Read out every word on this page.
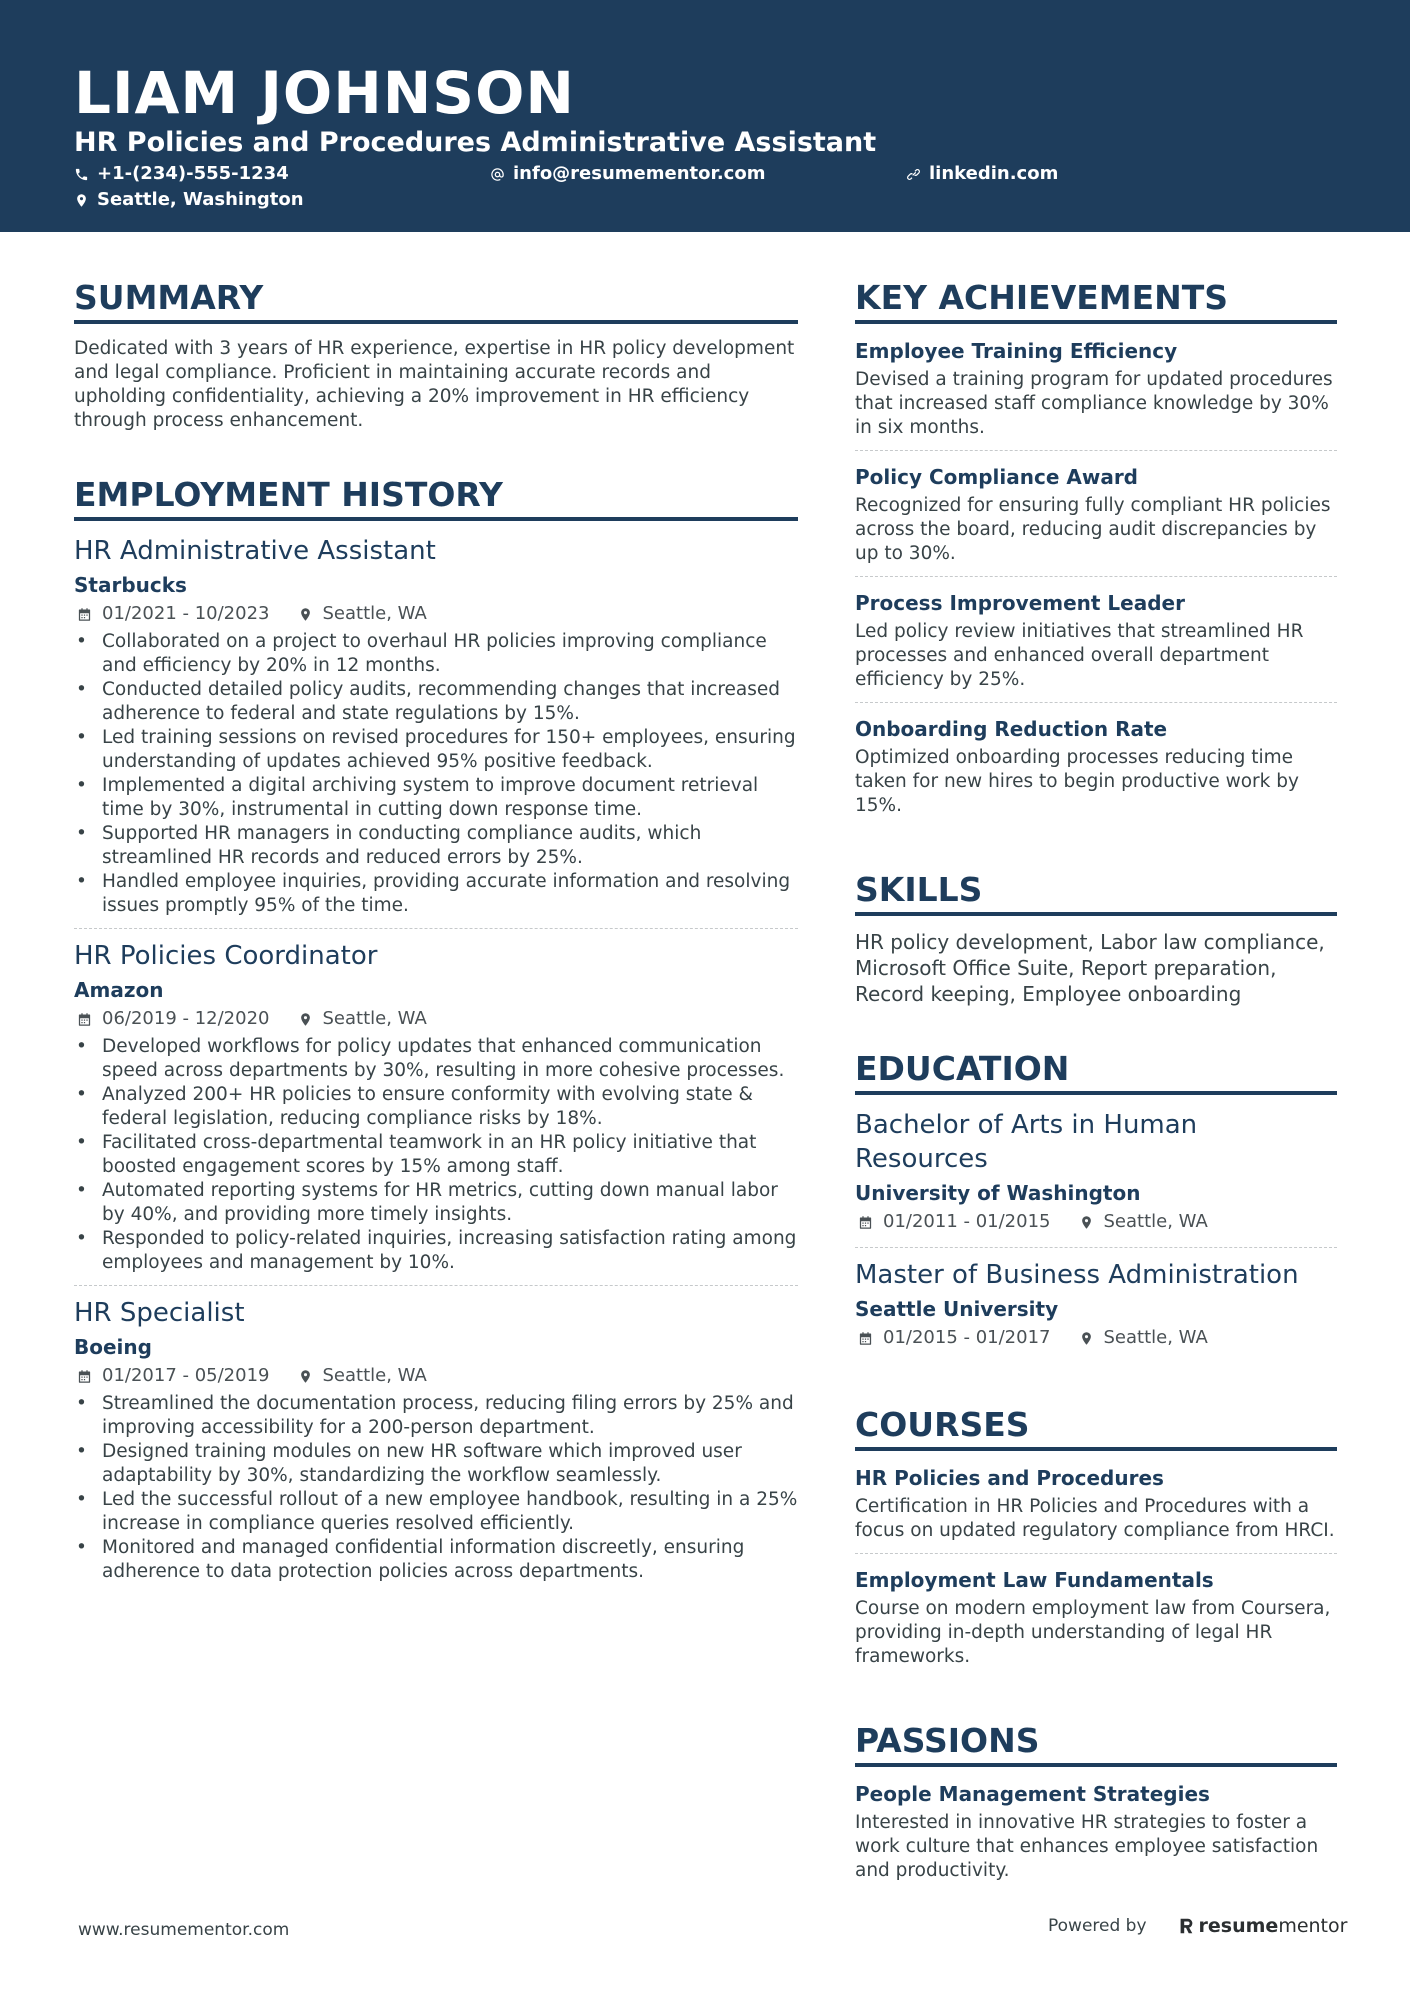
LIAM JOHNSON
HR Policies and Procedures Administrative Assistant
+1-(234)-555-1234	info@resumementor.com	linkedin.com
Seattle, Washington
SUMMARY
Dedicated with 3 years of HR experience, expertise in HR policy development and legal compliance. Proficient in maintaining accurate records and upholding confidentiality, achieving a 20% improvement in HR efficiency through process enhancement.
EMPLOYMENT HISTORY
HR Administrative Assistant
Starbucks
01/2021 - 10/2023	Seattle, WA
• Collaborated on a project to overhaul HR policies improving compliance and efficiency by 20% in 12 months.
• Conducted detailed policy audits, recommending changes that increased adherence to federal and state regulations by 15%.
• Led training sessions on revised procedures for 150+ employees, ensuring understanding of updates achieved 95% positive feedback.
• Implemented a digital archiving system to improve document retrieval time by 30%, instrumental in cutting down response time.
• Supported HR managers in conducting compliance audits, which streamlined HR records and reduced errors by 25%.
• Handled employee inquiries, providing accurate information and resolving issues promptly 95% of the time.
HR Policies Coordinator
Amazon
06/2019 - 12/2020	Seattle, WA
• Developed workflows for policy updates that enhanced communication speed across departments by 30%, resulting in more cohesive processes.
• Analyzed 200+ HR policies to ensure conformity with evolving state & federal legislation, reducing compliance risks by 18%.
• Facilitated cross-departmental teamwork in an HR policy initiative that boosted engagement scores by 15% among staff.
• Automated reporting systems for HR metrics, cutting down manual labor by 40%, and providing more timely insights.
• Responded to policy-related inquiries, increasing satisfaction rating among employees and management by 10%.
HR Specialist
Boeing
01/2017 - 05/2019	Seattle, WA
• Streamlined the documentation process, reducing filing errors by 25% and improving accessibility for a 200-person department.
• Designed training modules on new HR software which improved user adaptability by 30%, standardizing the workflow seamlessly.
• Led the successful rollout of a new employee handbook, resulting in a 25% increase in compliance queries resolved efficiently.
• Monitored and managed confidential information discreetly, ensuring adherence to data protection policies across departments.
KEY ACHIEVEMENTS
Employee Training Efficiency
Devised a training program for updated procedures that increased staff compliance knowledge by 30% in six months.
Policy Compliance Award
Recognized for ensuring fully compliant HR policies across the board, reducing audit discrepancies by up to 30%.
Process Improvement Leader
Led policy review initiatives that streamlined HR processes and enhanced overall department efficiency by 25%.
Onboarding Reduction Rate
Optimized onboarding processes reducing time taken for new hires to begin productive work by 15%.
SKILLS
HR policy development, Labor law compliance, Microsoft Office Suite, Report preparation, Record keeping, Employee onboarding
EDUCATION
Bachelor of Arts in Human Resources
University of Washington
01/2011 - 01/2015	Seattle, WA
Master of Business Administration
Seattle University
01/2015 - 01/2017	Seattle, WA
COURSES
HR Policies and Procedures
Certification in HR Policies and Procedures with a focus on updated regulatory compliance from HRCI.
Employment Law Fundamentals
Course on modern employment law from Coursera, providing in-depth understanding of legal HR frameworks.
PASSIONS
People Management Strategies
Interested in innovative HR strategies to foster a work culture that enhances employee satisfaction and productivity.
www.resumementor.com	Powered by	resume mentor
